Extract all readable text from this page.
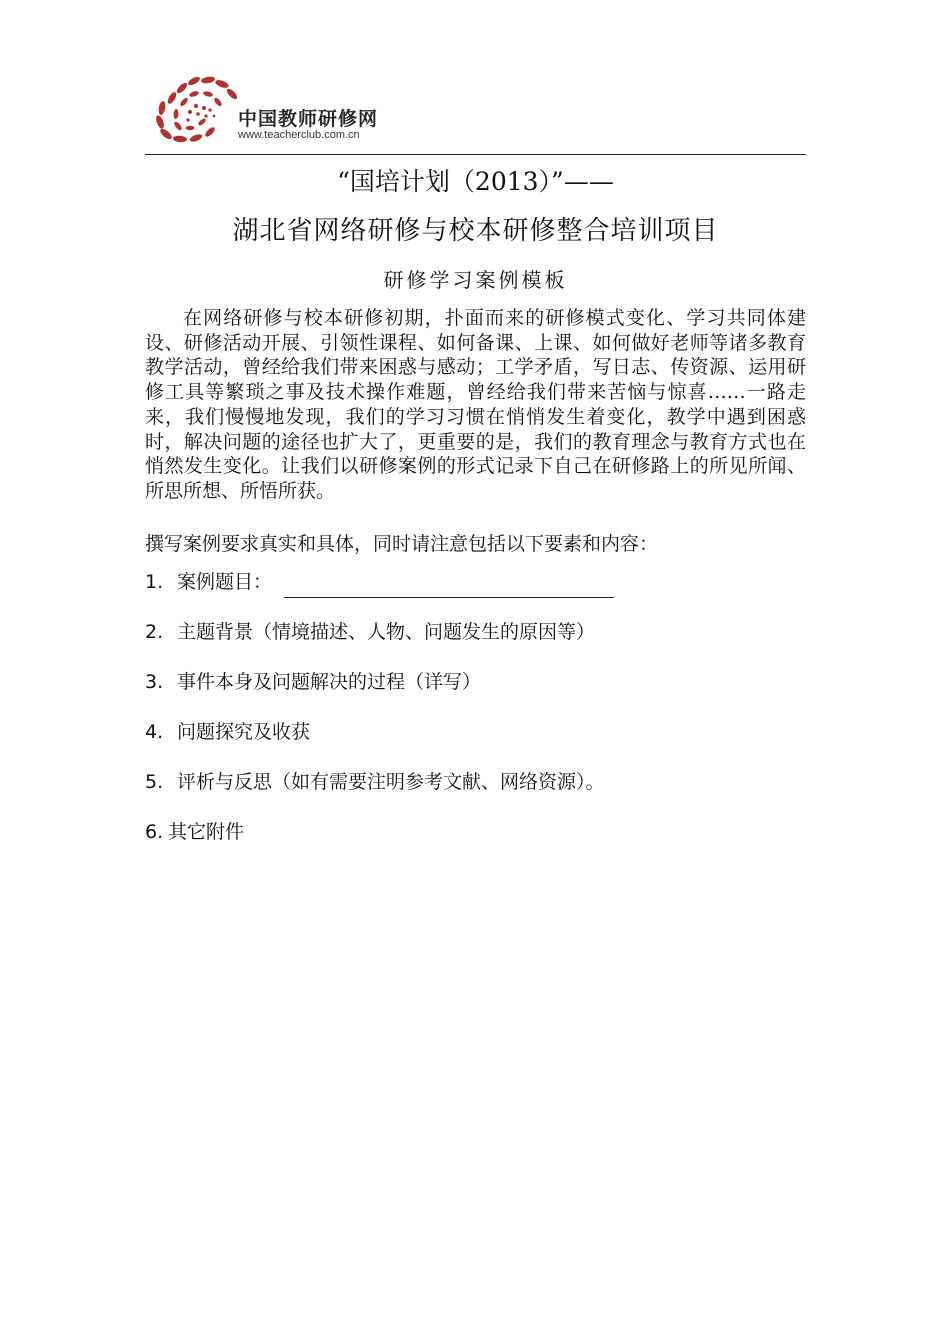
中国教师研修网
www.teacherclub.com.cn
“国培计划（2013）”——
湖北省网络研修与校本研修整合培训项目
研修学习案例模板

在网络研修与校本研修初期，扑面而来的研修模式变化、学习共同体建设、研修活动开展、引领性课程、如何备课、上课、如何做好老师等诸多教育教学活动，曾经给我们带来困惑与感动；工学矛盾，写日志、传资源、运用研修工具等繁琐之事及技术操作难题，曾经给我们带来苦恼与惊喜……一路走来，我们慢慢地发现，我们的学习习惯在悄悄发生着变化，教学中遇到困惑时，解决问题的途径也扩大了，更重要的是，我们的教育理念与教育方式也在悄然发生变化。让我们以研修案例的形式记录下自己在研修路上的所见所闻、所思所想、所悟所获。

撰写案例要求真实和具体，同时请注意包括以下要素和内容：

1. 案例题目：
2. 主题背景（情境描述、人物、问题发生的原因等）
3. 事件本身及问题解决的过程（详写）
4. 问题探究及收获
5. 评析与反思（如有需要注明参考文献、网络资源）。
6. 其它附件
